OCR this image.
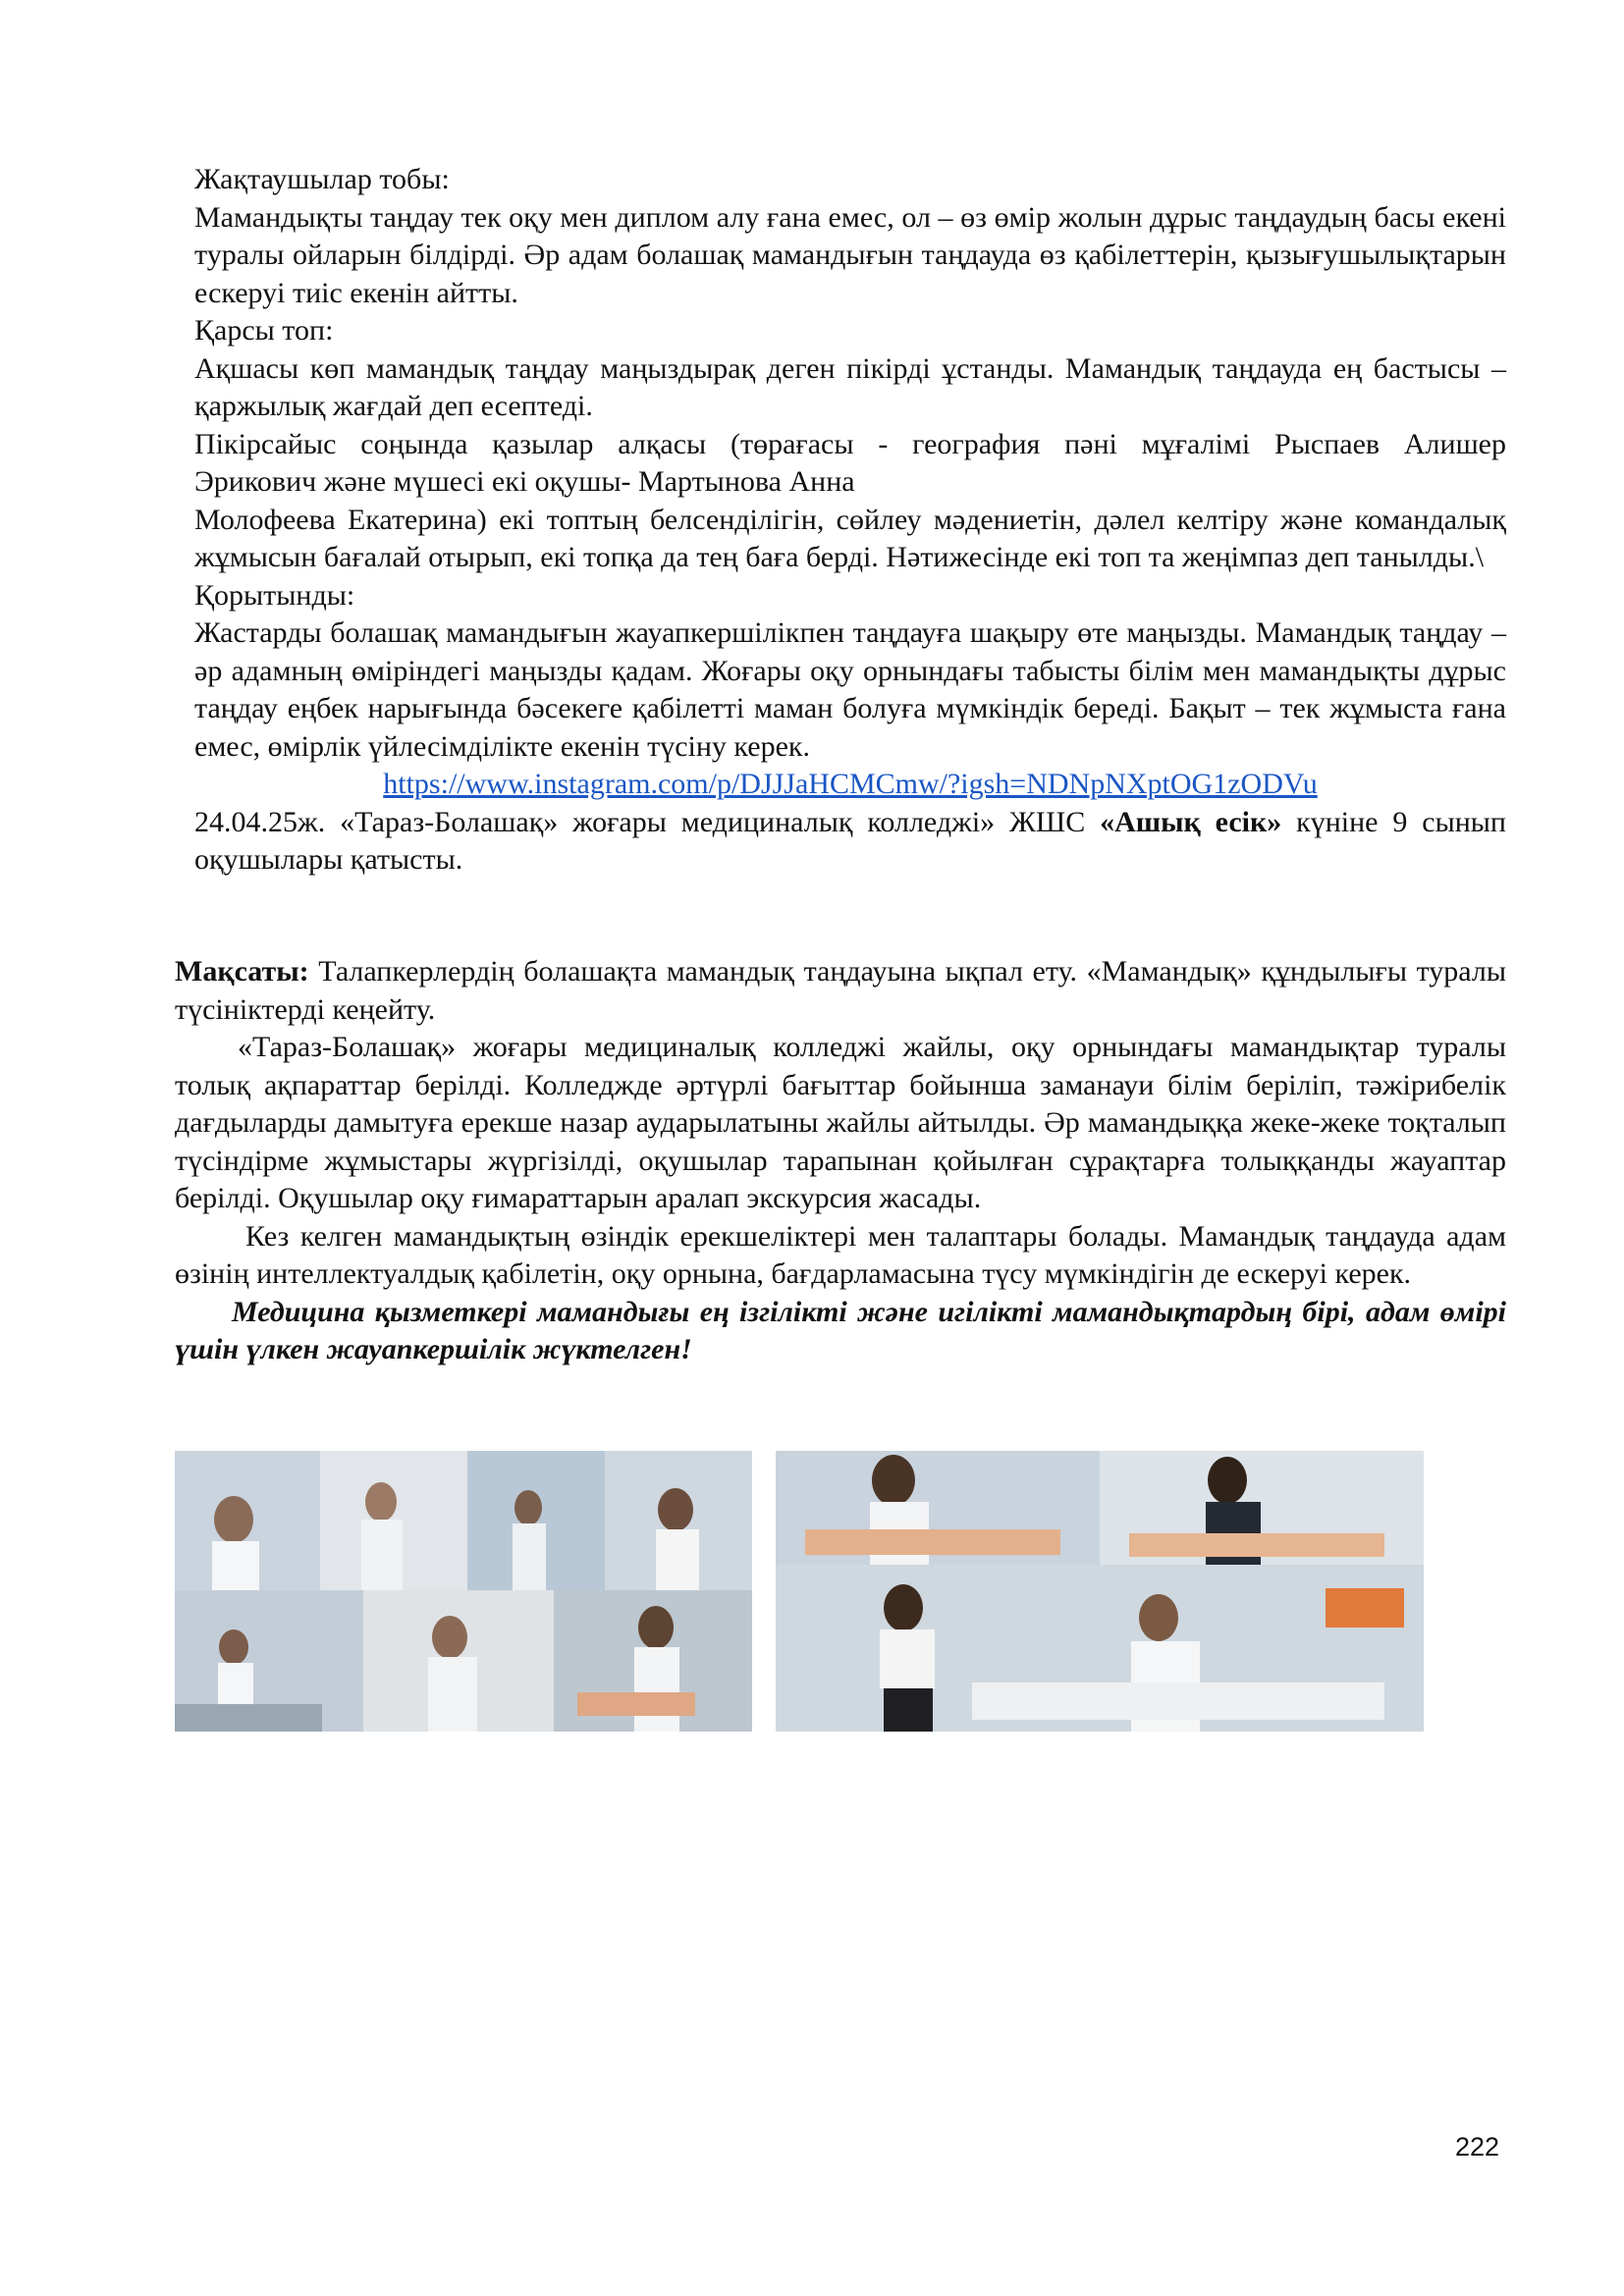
Жақтаушылар тобы:

Мамандықты таңдау тек оқу мен диплом алу ғана емес, ол – өз өмір жолын дұрыс таңдаудың басы екені туралы ойларын білдірді. Әр адам болашақ мамандығын таңдауда өз қабілеттерін, қызығушылықтарын ескеруі тиіс екенін айтты.

Қарсы топ:

Ақшасы көп мамандық таңдау маңыздырақ деген пікірді ұстанды. Мамандық таңдауда ең бастысы – қаржылық жағдай деп есептеді.

Пікірсайыс соңында қазылар алқасы (төрағасы - география пәні мұғалімі Рыспаев Алишер

Эрикович және мүшесі екі оқушы- Мартынова Анна

Молофеева Екатерина) екі топтың белсенділігін, сөйлеу мәдениетін, дәлел келтіру және командалық жұмысын бағалай отырып, екі топқа да тең баға берді. Нәтижесінде екі топ та жеңімпаз деп танылды.\

Қорытынды:

Жастарды болашақ мамандығын жауапкершілікпен таңдауға шақыру өте маңызды. Мамандық таңдау – әр адамның өміріндегі маңызды қадам. Жоғары оқу орнындағы табысты білім мен мамандықты дұрыс таңдау еңбек нарығында бәсекеге қабілетті маман болуға мүмкіндік береді. Бақыт – тек жұмыста ғана емес, өмірлік үйлесімділікте екенін түсіну керек.

https://www.instagram.com/p/DJJJaHCMCmw/?igsh=NDNpNXptOG1zODVu

24.04.25ж. «Тараз-Болашақ» жоғары медициналық колледжі» ЖШС «Ашық есік» күніне 9 сынып оқушылары қатысты.

Мақсаты: Талапкерлердің болашақта мамандық таңдауына ықпал ету. «Мамандық» құндылығы туралы түсініктерді кеңейту.

«Тараз-Болашақ» жоғары медициналық колледжі жайлы, оқу орнындағы мамандықтар туралы толық ақпараттар берілді. Колледжде әртүрлі бағыттар бойынша заманауи білім беріліп, тәжірибелік дағдыларды дамытуға ерекше назар аударылатыны жайлы айтылды. Әр мамандыққа жеке-жеке тоқталып түсіндірме жұмыстары жүргізілді, оқушылар тарапынан қойылған сұрақтарға толыққанды жауаптар берілді. Оқушылар оқу ғимараттарын аралап экскурсия жасады.

Кез келген мамандықтың өзіндік ерекшеліктері мен талаптары болады. Мамандық таңдауда адам өзінің интеллектуалдық қабілетін, оқу орнына, бағдарламасына түсу мүмкіндігін де ескеруі керек.

Медицина қызметкері мамандығы ең ізгілікті және игілікті мамандықтардың бірі, адам өмірі үшін үлкен жауапкершілік жүктелген!

222
